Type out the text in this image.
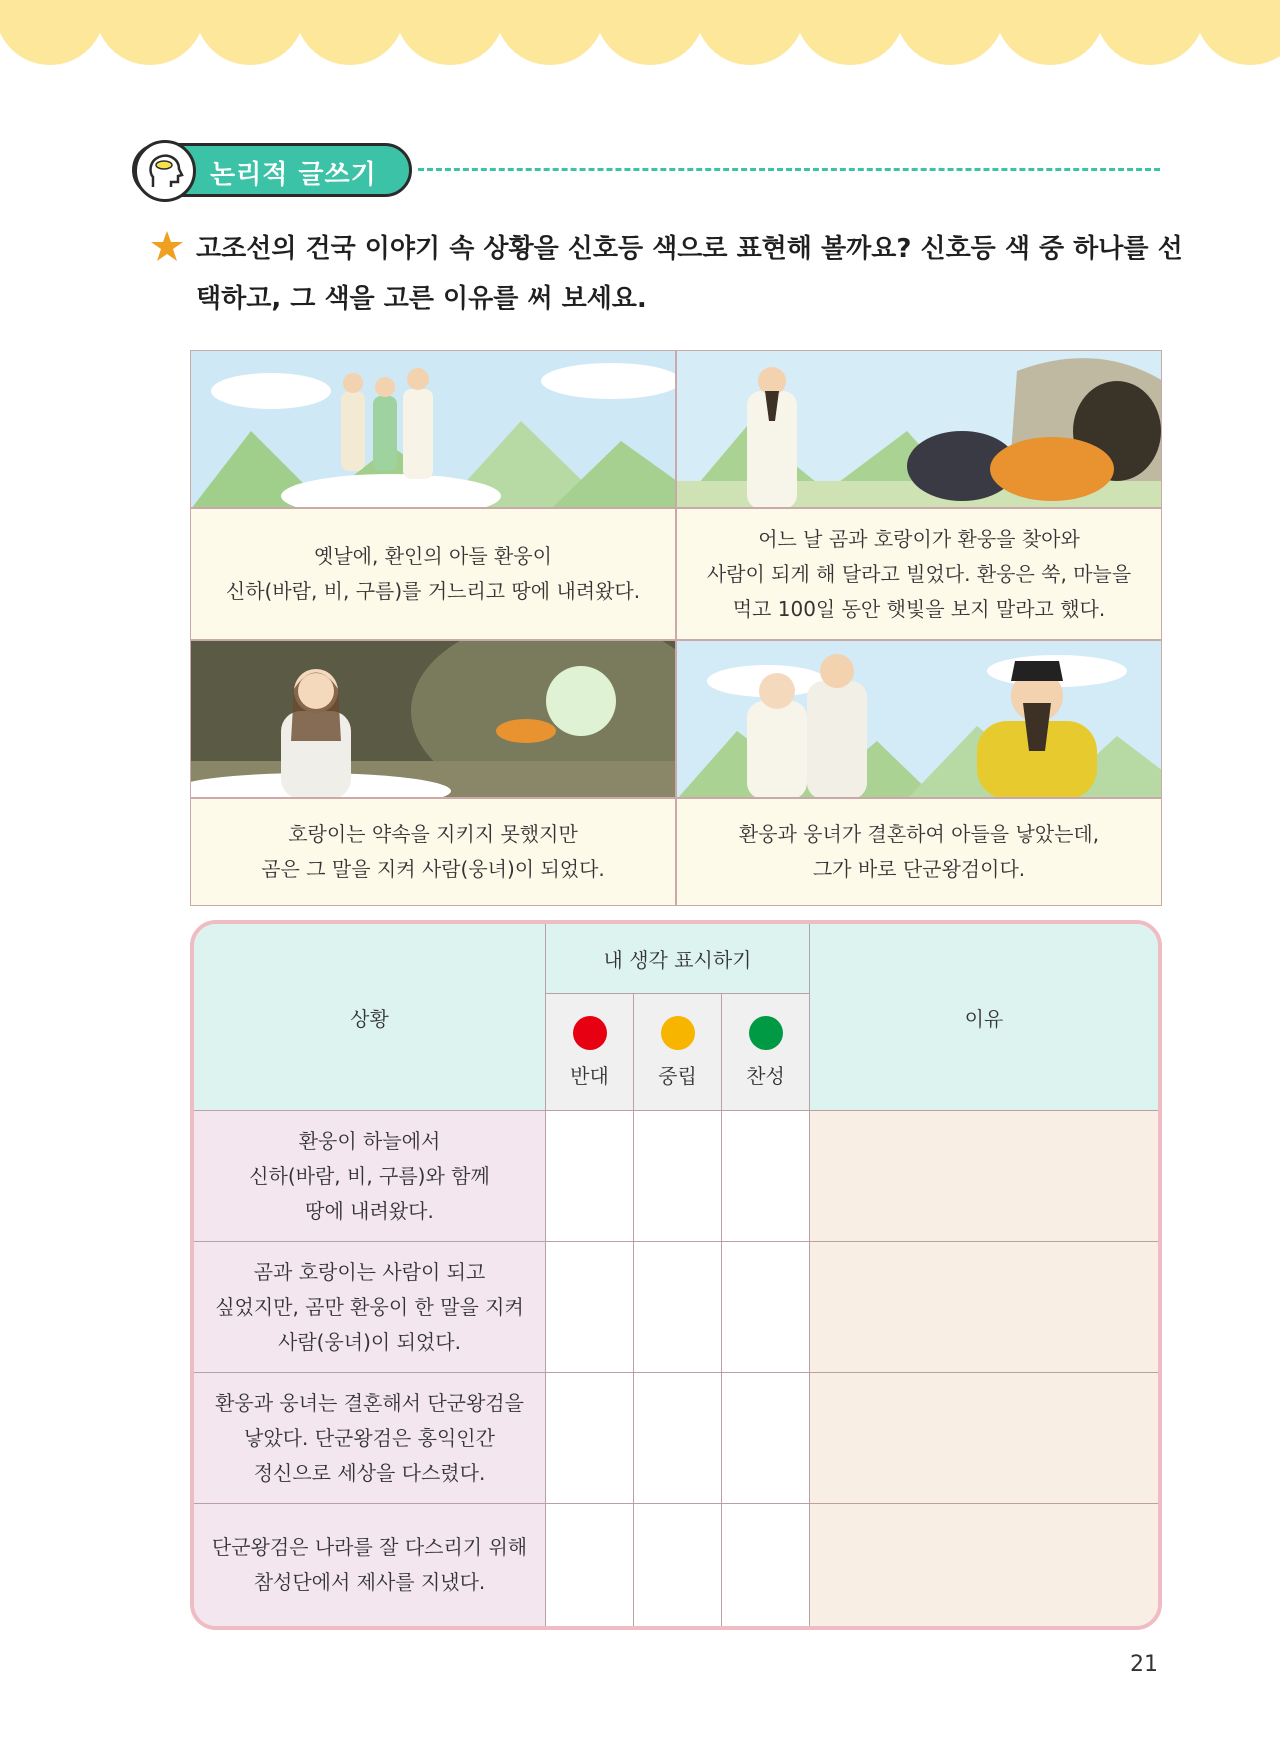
논리적 글쓰기
고조선의 건국 이야기 속 상황을 신호등 색으로 표현해 볼까요? 신호등 색 중 하나를 선택하고, 그 색을 고른 이유를 써 보세요.
옛날에, 환인의 아들 환웅이
신하(바람, 비, 구름)를 거느리고 땅에 내려왔다.
어느 날 곰과 호랑이가 환웅을 찾아와
사람이 되게 해 달라고 빌었다. 환웅은 쑥, 마늘을
먹고 100일 동안 햇빛을 보지 말라고 했다.
호랑이는 약속을 지키지 못했지만
곰은 그 말을 지켜 사람(웅녀)이 되었다.
환웅과 웅녀가 결혼하여 아들을 낳았는데,
그가 바로 단군왕검이다.
상황
내 생각 표시하기
이유
반대 중립 찬성
환웅이 하늘에서
신하(바람, 비, 구름)와 함께
땅에 내려왔다.
곰과 호랑이는 사람이 되고
싶었지만, 곰만 환웅이 한 말을 지켜
사람(웅녀)이 되었다.
환웅과 웅녀는 결혼해서 단군왕검을
낳았다. 단군왕검은 홍익인간
정신으로 세상을 다스렸다.
단군왕검은 나라를 잘 다스리기 위해
참성단에서 제사를 지냈다.
21
